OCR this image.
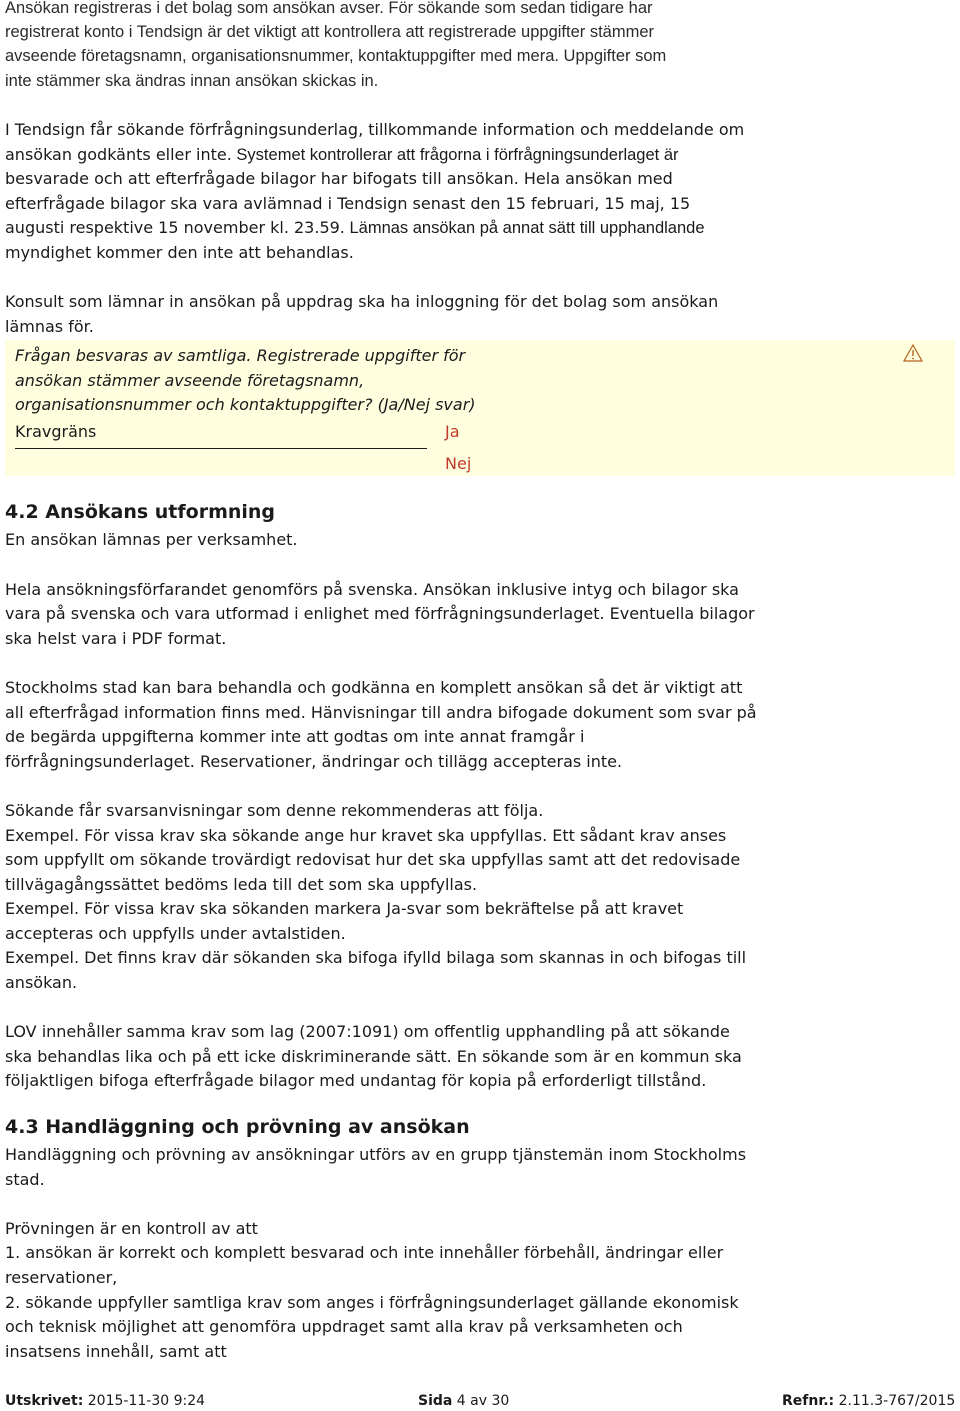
Ansökan registreras i det bolag som ansökan avser. För sökande som sedan tidigare har

registrerat konto i Tendsign är det viktigt att kontrollera att registrerade uppgifter stämmer

avseende företagsnamn, organisationsnummer, kontaktuppgifter med mera. Uppgifter som

inte stämmer ska ändras innan ansökan skickas in.

I Tendsign får sökande förfrågningsunderlag, tillkommande information och meddelande om

ansökan godkänts eller inte. Systemet kontrollerar att frågorna i förfrågningsunderlaget är

besvarade och att efterfrågade bilagor har bifogats till ansökan. Hela ansökan med

efterfrågade bilagor ska vara avlämnad i Tendsign senast den 15 februari, 15 maj, 15

augusti respektive 15 november kl. 23.59. Lämnas ansökan på annat sätt till upphandlande

myndighet kommer den inte att behandlas.

Konsult som lämnar in ansökan på uppdrag ska ha inloggning för det bolag som ansökan

lämnas för.

Frågan besvaras av samtliga. Registrerade uppgifter för
ansökan stämmer avseende företagsnamn,
organisationsnummer och kontaktuppgifter? (Ja/Nej svar)
Kravgräns	Ja
Nej
4.2 Ansökans utformning

En ansökan lämnas per verksamhet.

Hela ansökningsförfarandet genomförs på svenska. Ansökan inklusive intyg och bilagor ska

vara på svenska och vara utformad i enlighet med förfrågningsunderlaget. Eventuella bilagor

ska helst vara i PDF format.

Stockholms stad kan bara behandla och godkänna en komplett ansökan så det är viktigt att

all efterfrågad information finns med. Hänvisningar till andra bifogade dokument som svar på

de begärda uppgifterna kommer inte att godtas om inte annat framgår i

förfrågningsunderlaget. Reservationer, ändringar och tillägg accepteras inte.

Sökande får svarsanvisningar som denne rekommenderas att följa.

Exempel. För vissa krav ska sökande ange hur kravet ska uppfyllas. Ett sådant krav anses

som uppfyllt om sökande trovärdigt redovisat hur det ska uppfyllas samt att det redovisade

tillvägagångssättet bedöms leda till det som ska uppfyllas.

Exempel. För vissa krav ska sökanden markera Ja-svar som bekräftelse på att kravet

accepteras och uppfylls under avtalstiden.

Exempel. Det finns krav där sökanden ska bifoga ifylld bilaga som skannas in och bifogas till

ansökan.

LOV innehåller samma krav som lag (2007:1091) om offentlig upphandling på att sökande

ska behandlas lika och på ett icke diskriminerande sätt. En sökande som är en kommun ska

följaktligen bifoga efterfrågade bilagor med undantag för kopia på erforderligt tillstånd.

4.3 Handläggning och prövning av ansökan

Handläggning och prövning av ansökningar utförs av en grupp tjänstemän inom Stockholms

stad.

Prövningen är en kontroll av att

1. ansökan är korrekt och komplett besvarad och inte innehåller förbehåll, ändringar eller

reservationer,

2. sökande uppfyller samtliga krav som anges i förfrågningsunderlaget gällande ekonomisk

och teknisk möjlighet att genomföra uppdraget samt alla krav på verksamheten och

insatsens innehåll, samt att

Utskrivet: 2015-11-30 9:24	Sida 4 av 30	Refnr.: 2.11.3-767/2015
